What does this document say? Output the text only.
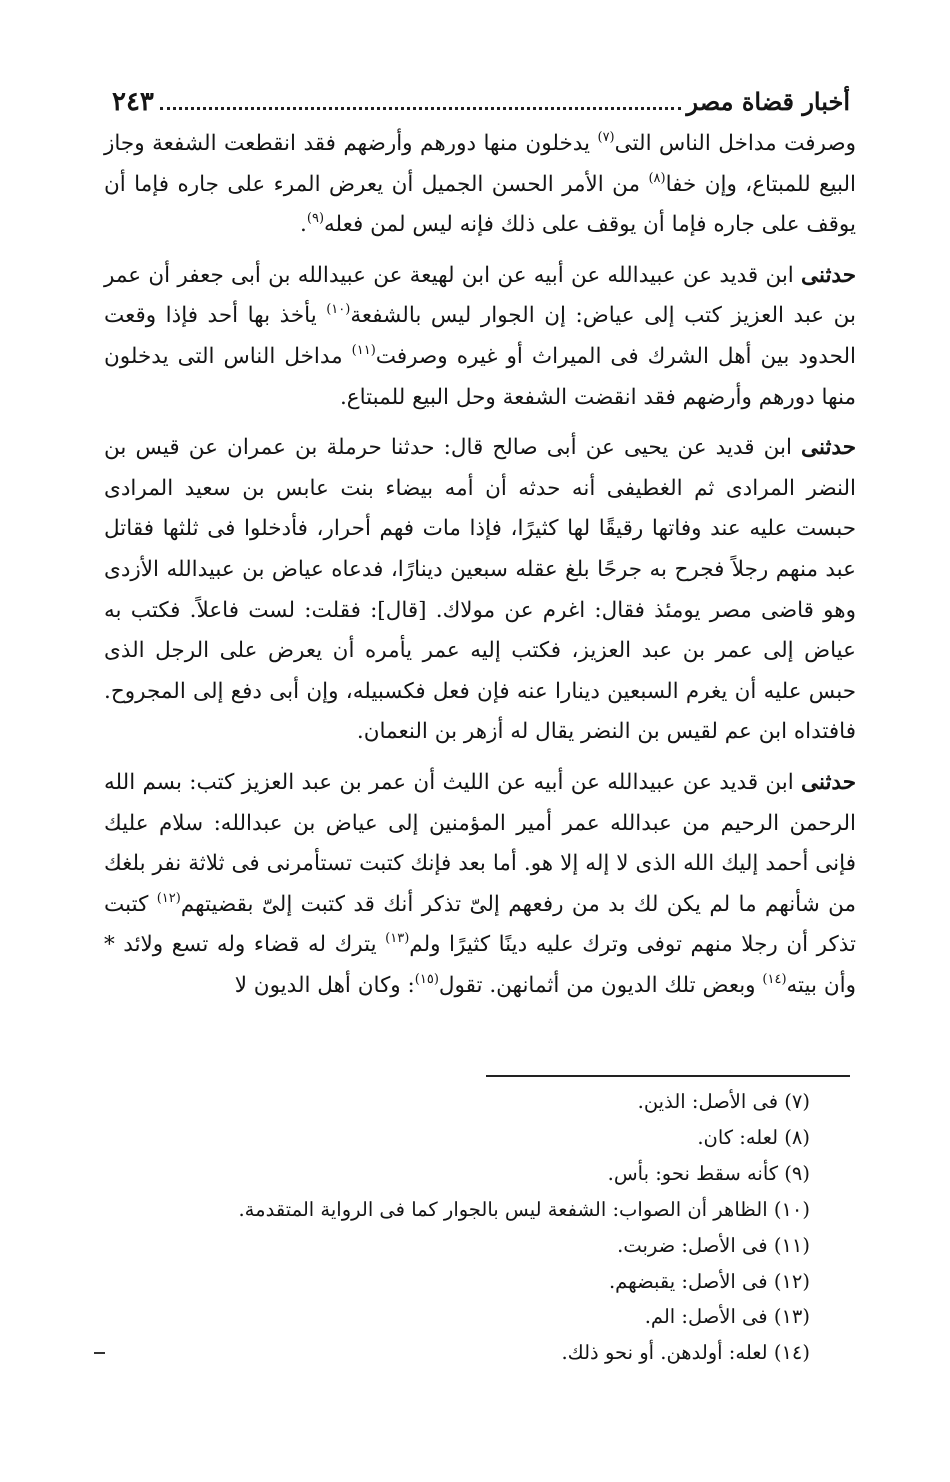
أخبار قضاة مصر
٢٤٣

وصرفت مداخل الناس التى$^{(٧)}$ يدخلون منها دورهم وأرضهم فقد انقطعت الشفعة وجاز البيع للمبتاع، وإن خفا$^{(٨)}$ من الأمر الحسن الجميل أن يعرض المرء على جاره فإما أن يوقف على جاره فإما أن يوقف على ذلك فإنه ليس لمن فعله$^{(٩)}$.

حدثنى ابن قديد عن عبيدالله عن أبيه عن ابن لهيعة عن عبيدالله بن أبى جعفر أن عمر بن عبد العزيز كتب إلى عياض: إن الجوار ليس بالشفعة$^{(١٠)}$ يأخذ بها أحد فإذا وقعت الحدود بين أهل الشرك فى الميراث أو غيره وصرفت$^{(١١)}$ مداخل الناس التى يدخلون منها دورهم وأرضهم فقد انقضت الشفعة وحل البيع للمبتاع.

حدثنى ابن قديد عن يحيى عن أبى صالح قال: حدثنا حرملة بن عمران عن قيس بن النضر المرادى ثم الغطيفى أنه حدثه أن أمه بيضاء بنت عابس بن سعيد المرادى حبست عليه عند وفاتها رقيقًا لها كثيرًا، فإذا مات فهم أحرار، فأدخلوا فى ثلثها فقاتل عبد منهم رجلاً فجرح به جرحًا بلغ عقله سبعين دينارًا، فدعاه عياض بن عبيدالله الأزدى وهو قاضى مصر يومئذ فقال: اغرم عن مولاك. [قال]: فقلت: لست فاعلاً. فكتب به عياض إلى عمر بن عبد العزيز، فكتب إليه عمر يأمره أن يعرض على الرجل الذى حبس عليه أن يغرم السبعين دينارا عنه فإن فعل فكسبيله، وإن أبى دفع إلى المجروح. فافتداه ابن عم لقيس بن النضر يقال له أزهر بن النعمان.

حدثنى ابن قديد عن عبيدالله عن أبيه عن الليث أن عمر بن عبد العزيز كتب: بسم الله الرحمن الرحيم من عبدالله عمر أمير المؤمنين إلى عياض بن عبدالله: سلام عليك فإنى أحمد إليك الله الذى لا إله إلا هو. أما بعد فإنك كتبت تستأمرنى فى ثلاثة نفر بلغك من شأنهم ما لم يكن لك بد من رفعهم إلىّ تذكر أنك قد كتبت إلىّ بقضيتهم$^{(١٢)}$ كتبت تذكر أن رجلا منهم توفى وترك عليه دينًا كثيرًا ولم$^{(١٣)}$ يترك له قضاء وله تسع ولائد * وأن بيته$^{(١٤)}$ وبعض تلك الديون من أثمانهن. تقول$^{(١٥)}$: وكان أهل الديون لا

(٧) فى الأصل: الذين.
(٨) لعله: كان.
(٩) كأنه سقط نحو: بأس.
(١٠) الظاهر أن الصواب: الشفعة ليس بالجوار كما فى الرواية المتقدمة.
(١١) فى الأصل: ضربت.
(١٢) فى الأصل: يقبضهم.
(١٣) فى الأصل: الم.
(١٤) لعله: أولدهن. أو نحو ذلك.
